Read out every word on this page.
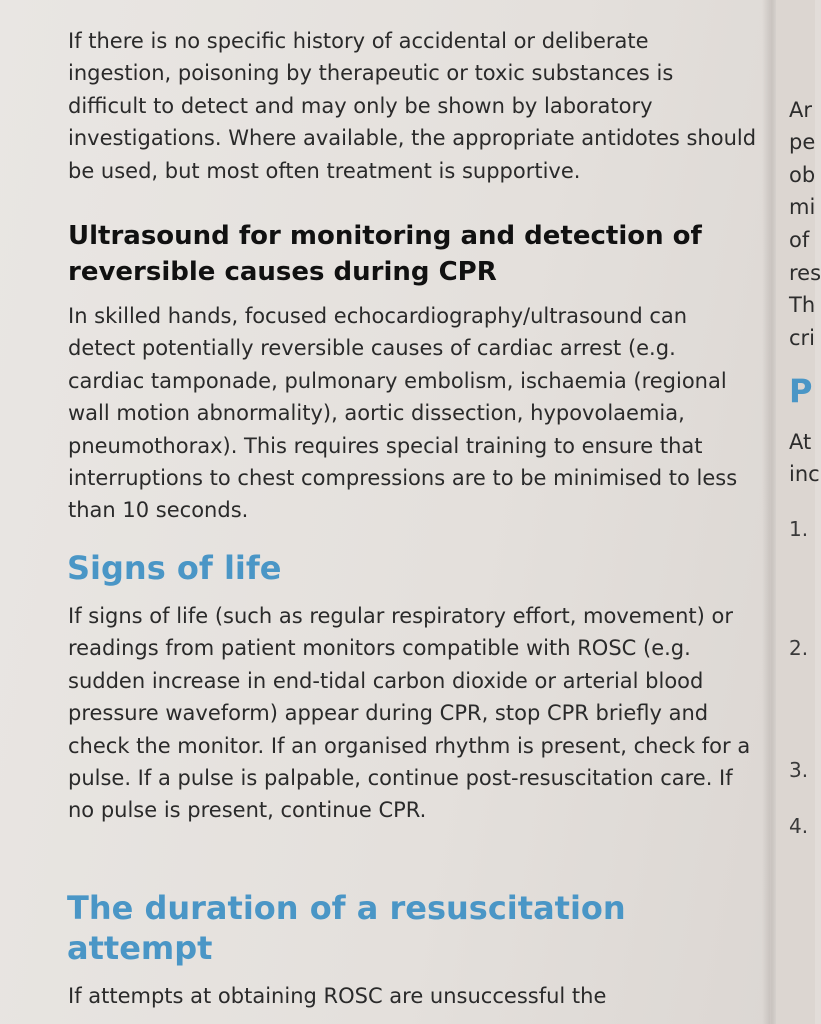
If there is no specific history of accidental or deliberate ingestion, poisoning by therapeutic or toxic substances is difficult to detect and may only be shown by laboratory investigations. Where available, the appropriate antidotes should be used, but most often treatment is supportive.

Ultrasound for monitoring and detection of reversible causes during CPR

In skilled hands, focused echocardiography/ultrasound can detect potentially reversible causes of cardiac arrest (e.g. cardiac tamponade, pulmonary embolism, ischaemia (regional wall motion abnormality), aortic dissection, hypovolaemia, pneumothorax). This requires special training to ensure that interruptions to chest compressions are to be minimised to less than 10 seconds.

Signs of life

If signs of life (such as regular respiratory effort, movement) or readings from patient monitors compatible with ROSC (e.g. sudden increase in end-tidal carbon dioxide or arterial blood pressure waveform) appear during CPR, stop CPR briefly and check the monitor. If an organised rhythm is present, check for a pulse. If a pulse is palpable, continue post-resuscitation care. If no pulse is present, continue CPR.

The duration of a resuscitation attempt

If attempts at obtaining ROSC are unsuccessful the

Ar

pe

ob

mi

of

res

Th

cri

P

At

inc

1.

2.

3.

4.
